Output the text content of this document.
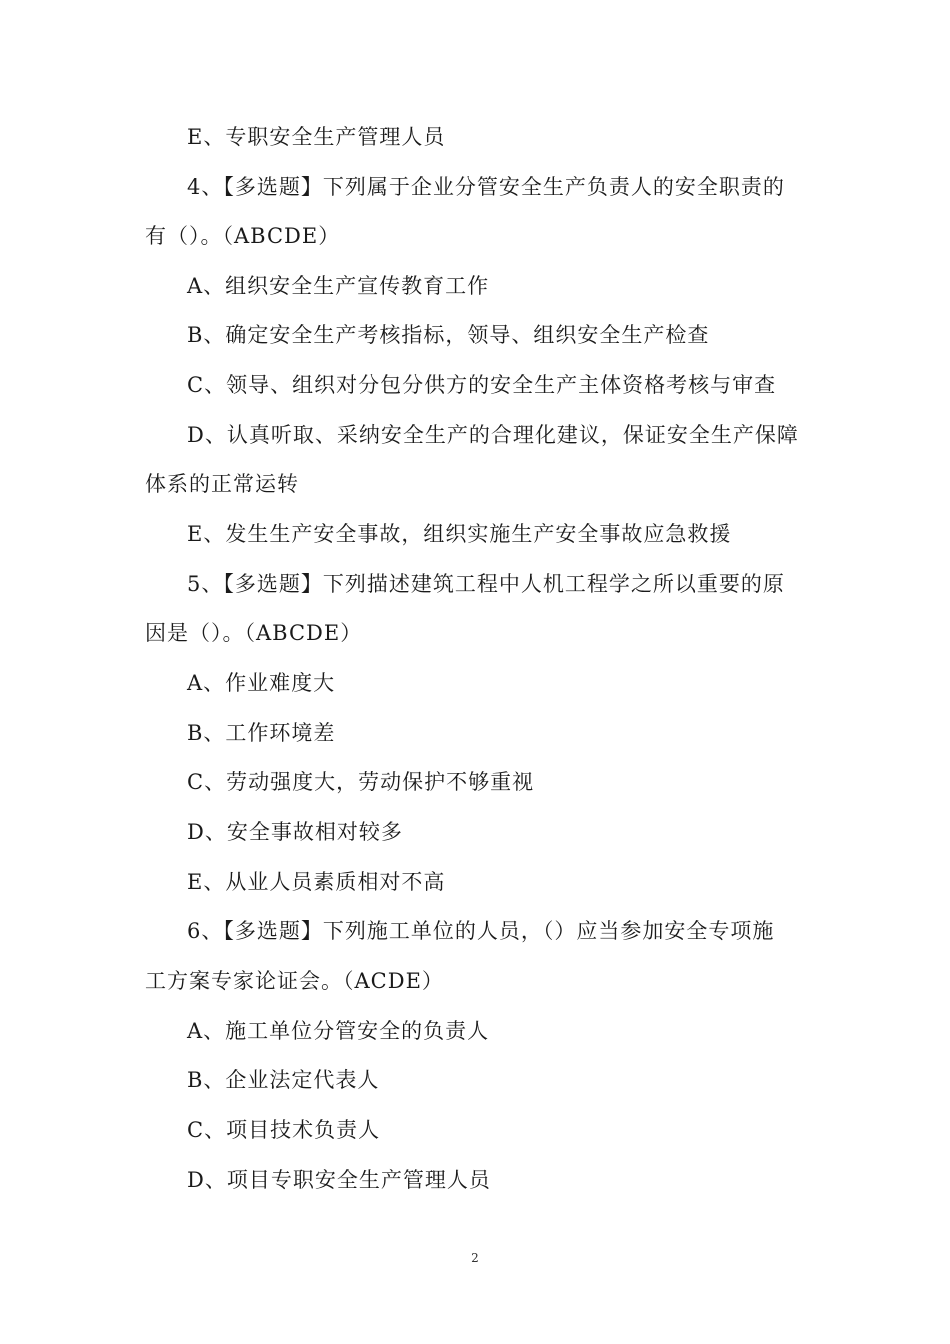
E、专职安全生产管理人员
4、【多选题】下列属于企业分管安全生产负责人的安全职责的
有（）。（ABCDE）
A、组织安全生产宣传教育工作
B、确定安全生产考核指标，领导、组织安全生产检查
C、领导、组织对分包分供方的安全生产主体资格考核与审查
D、认真听取、采纳安全生产的合理化建议，保证安全生产保障
体系的正常运转
E、发生生产安全事故，组织实施生产安全事故应急救援
5、【多选题】下列描述建筑工程中人机工程学之所以重要的原
因是（）。（ABCDE）
A、作业难度大
B、工作环境差
C、劳动强度大，劳动保护不够重视
D、安全事故相对较多
E、从业人员素质相对不高
6、【多选题】下列施工单位的人员，（）应当参加安全专项施
工方案专家论证会。（ACDE）
A、施工单位分管安全的负责人
B、企业法定代表人
C、项目技术负责人
D、项目专职安全生产管理人员
2
